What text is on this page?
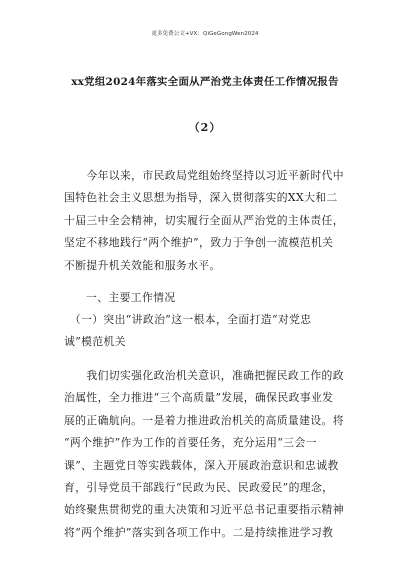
更多免费公文+VX：QiGeGongWen2024
xx党组2024年落实全面从严治党主体责任工作情况报告
（2）
　　今年以来，市民政局党组始终坚持以习近平新时代中
国特色社会主义思想为指导，深入贯彻落实的XX大和二
十届三中全会精神，切实履行全面从严治党的主体责任，
坚定不移地践行“两个维护”，致力于争创一流模范机关
不断提升机关效能和服务水平。
一、主要工作情况
　（一）突出“讲政治”这一根本，全面打造“对党忠
诚”模范机关
　　我们切实强化政治机关意识，准确把握民政工作的政
治属性，全力推进“三个高质量”发展，确保民政事业发
展的正确航向。一是着力推进政治机关的高质量建设。将
“两个维护”作为工作的首要任务，充分运用“三会一
课”、主题党日等实践载体，深入开展政治意识和忠诚教
育，引导党员干部践行“民政为民、民政爱民”的理念，
始终聚焦贯彻党的重大决策和习近平总书记重要指示精神
将“两个维护”落实到各项工作中。二是持续推进学习教
